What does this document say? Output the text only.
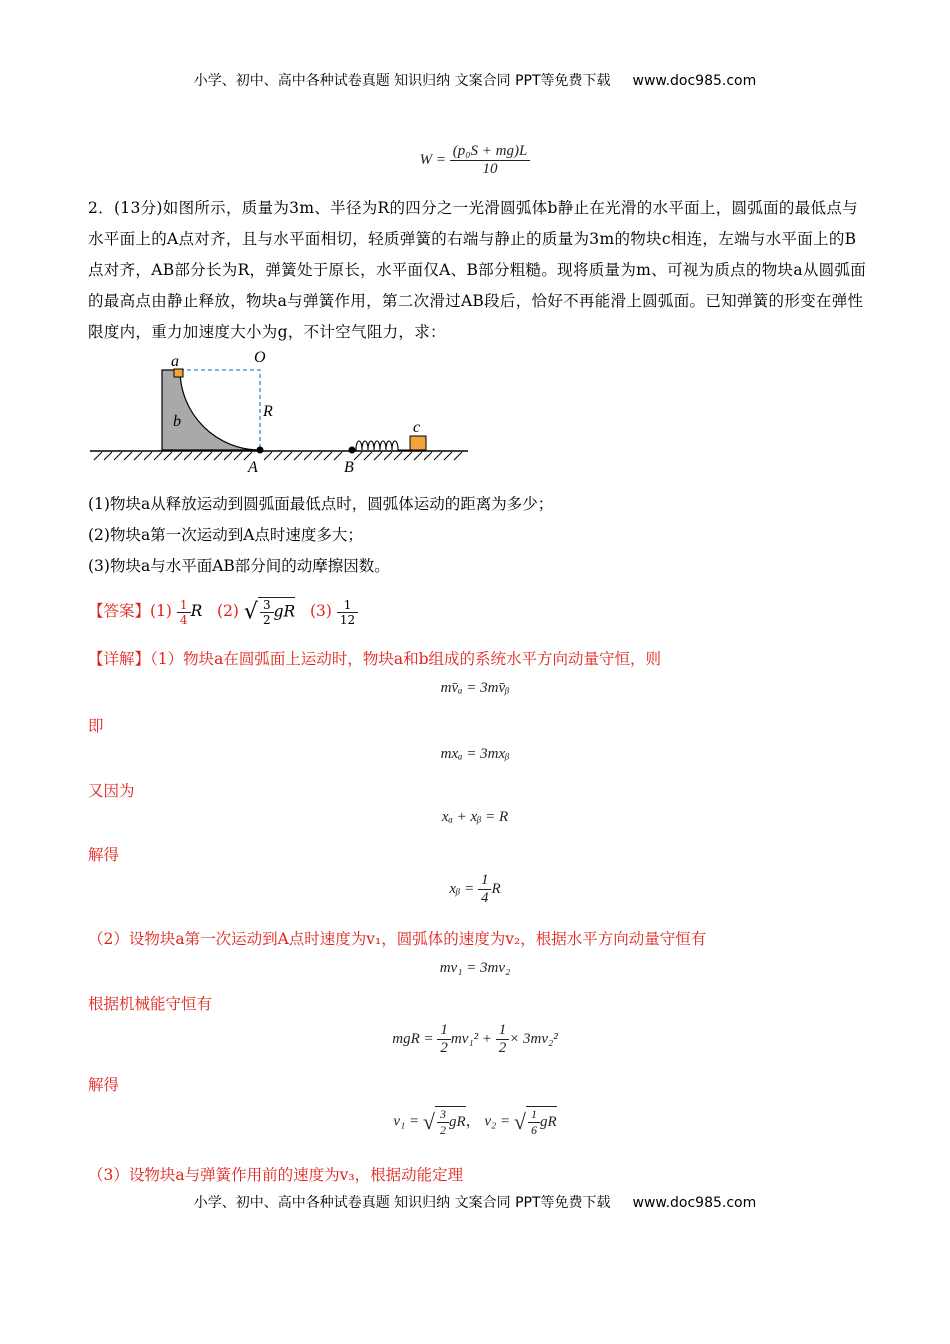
小学、初中、高中各种试卷真题 知识归纳 文案合同 PPT等免费下载 www.doc985.com
$W = \frac{\text{(p₀S + mg)L}}{10}$
2．(13分)如图所示，质量为3m、半径为R的四分之一光滑圆弧体b静止在光滑的水平面上，圆弧面的最低点与水平面上的A点对齐，且与水平面相切，轻质弹簧的右端与静止的质量为3m的物块c相连，左端与水平面上的B点对齐，AB部分长为R，弹簧处于原长，水平面仅A、B部分粗糙。现将质量为m、可视为质点的物块a从圆弧面的最高点由静止释放，物块a与弹簧作用，第二次滑过AB段后，恰好不再能滑上圆弧面。已知弹簧的形变在弹性限度内，重力加速度大小为g，不计空气阻力，求：
a	O
R
b
A	B
c
(1)物块a从释放运动到圆弧面最低点时，圆弧体运动的距离为多少；
(2)物块a第一次运动到A点时速度多大；
(3)物块a与水平面AB部分间的动摩擦因数。
【答案】$(1) \frac{1}{4}$ R (2) √ $\frac{3}{2}$ gR $(3) \frac{1}{12}$
【详解】（1）物块a在圆弧面上运动时，物块a和b组成的系统水平方向动量守恒，则
mv̄ₐ = 3mv̄ᵦ
即
mxₐ = 3mxᵦ
又因为
xₐ + xᵦ = R
解得
xᵦ = $\frac{1}{4}$ R
（2）设物块a第一次运动到A点时速度为v₁，圆弧体的速度为v₂，根据水平方向动量守恒有
mv₁ = 3mv₂
根据机械能守恒有
mgR = $\frac{1}{2} mv_1^2 + \frac{1}{2} \times 3mv_2^2$
解得
v₁ = √ $\frac{3}{2}$ gR， v₂ = √ $\frac{1}{6}$ gR
（3）设物块a与弹簧作用前的速度为v₃，根据动能定理
小学、初中、高中各种试卷真题 知识归纳 文案合同 PPT等免费下载 www.doc985.com
